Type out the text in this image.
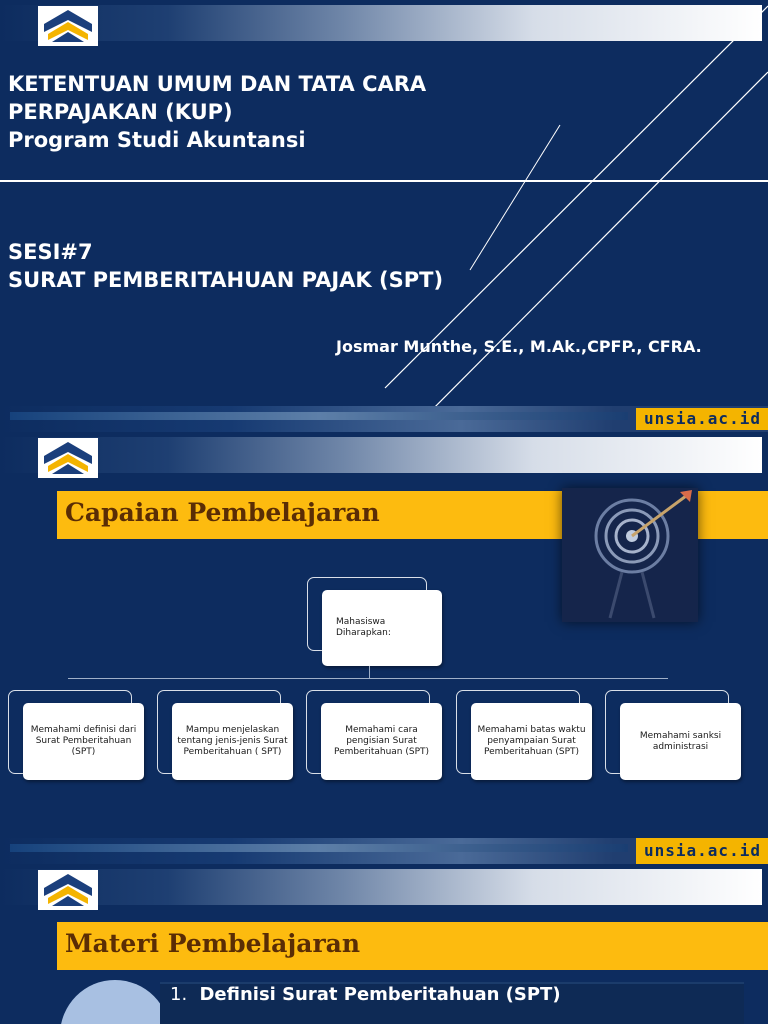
KETENTUAN UMUM DAN TATA CARA
PERPAJAKAN (KUP)
Program Studi Akuntansi
SESI#7
SURAT PEMBERITAHUAN PAJAK (SPT)
Josmar Munthe, S.E., M.Ak.,CPFP., CFRA.
unsia.ac.id
Capaian Pembelajaran
Mahasiswa Diharapkan:
Memahami definisi dari Surat Pemberitahuan (SPT)
Mampu menjelaskan tentang jenis-jenis Surat Pemberitahuan ( SPT)
Memahami cara pengisian Surat Pemberitahuan (SPT)
Memahami batas waktu penyampaian Surat Pemberitahuan (SPT)
Memahami sanksi administrasi
unsia.ac.id
Materi Pembelajaran
1. Definisi Surat Pemberitahuan (SPT)
